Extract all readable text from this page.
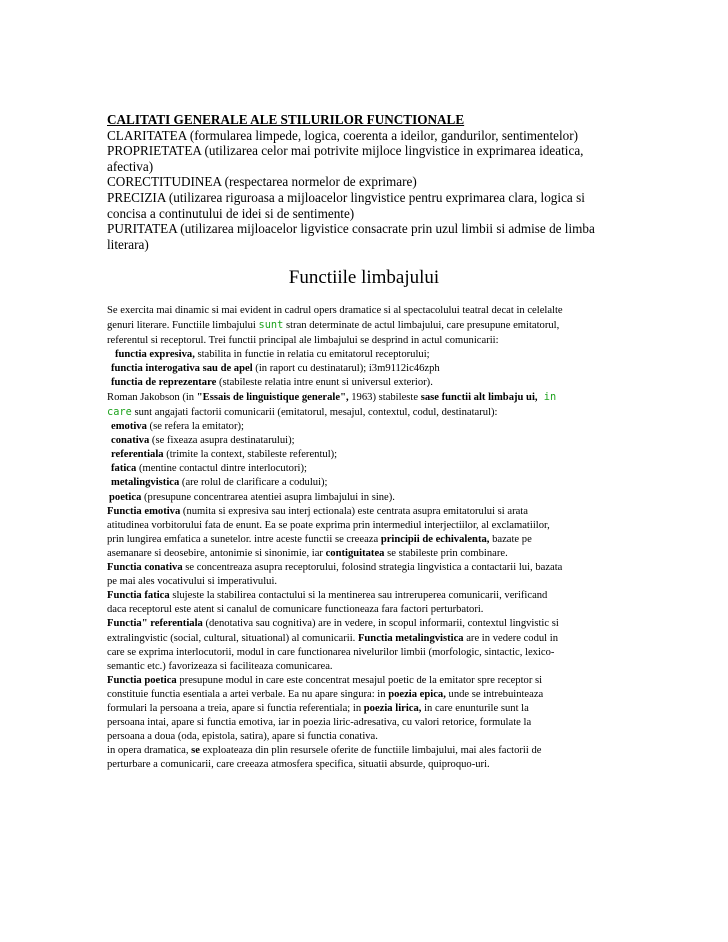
CALITATI GENERALE ALE STILURILOR FUNCTIONALE

CLARITATEA (formularea limpede, logica, coerenta a ideilor, gandurilor, sentimentelor)

PROPRIETATEA (utilizarea celor mai potrivite mijloce lingvistice in exprimarea ideatica,

afectiva)

CORECTITUDINEA (respectarea normelor de exprimare)

PRECIZIA (utilizarea riguroasa a mijloacelor lingvistice pentru exprimarea clara, logica si

concisa a continutului de idei si de sentimente)

PURITATEA (utilizarea mijloacelor ligvistice consacrate prin uzul limbii si admise de limba

literara)

Functiile limbajului

Se exercita mai dinamic si mai evident in cadrul opers dramatice si al spectacolului teatral decat in celelalte

genuri literare. Functiile limbajului sunt stran determinate de actul limbajului, care presupune emitatorul,

referentul si receptorul. Trei functii principal ale limbajului se desprind in actul comunicarii:

functia expresiva, stabilita in functie in relatia cu emitatorul receptorului;

functia interogativa sau de apel (in raport cu destinatarul); i3m9112ic46zph

functia de reprezentare (stabileste relatia intre enunt si universul exterior).

Roman Jakobson (in "Essais de linguistique generale", 1963) stabileste sase functii alt limbaju ui, in

care sunt angajati factorii comunicarii (emitatorul, mesajul, contextul, codul, destinatarul):

emotiva (se refera la emitator);

conativa (se fixeaza asupra destinatarului);

referentiala (trimite la context, stabileste referentul);

fatica (mentine contactul dintre interlocutori);

metalingvistica (are rolul de clarificare a codului);

poetica (presupune concentrarea atentiei asupra limbajului in sine).

Functia emotiva (numita si expresiva sau interj ectionala) este centrata asupra emitatorului si arata

atitudinea vorbitorului fata de enunt. Ea se poate exprima prin intermediul interjectiilor, al exclamatiilor,

prin lungirea emfatica a sunetelor. intre aceste functii se creeaza principii de echivalenta, bazate pe

asemanare si deosebire, antonimie si sinonimie, iar contiguitatea se stabileste prin combinare.

Functia conativa se concentreaza asupra receptorului, folosind strategia lingvistica a contactarii lui, bazata

pe mai ales vocativului si imperativului.

Functia fatica slujeste la stabilirea contactului si la mentinerea sau intreruperea comunicarii, verificand

daca receptorul este atent si canalul de comunicare functioneaza fara factori perturbatori.

Functia" referentiala (denotativa sau cognitiva) are in vedere, in scopul informarii, contextul lingvistic si

extralingvistic (social, cultural, situational) al comunicarii. Functia metalingvistica are in vedere codul in

care se exprima interlocutorii, modul in care functionarea nivelurilor limbii (morfologic, sintactic, lexico-

semantic etc.) favorizeaza si faciliteaza comunicarea.

Functia poetica presupune modul in care este concentrat mesajul poetic de la emitator spre receptor si

constituie functia esentiala a artei verbale. Ea nu apare singura: in poezia epica, unde se intrebuinteaza

formulari la persoana a treia, apare si functia referentiala; in poezia lirica, in care enunturile sunt la

persoana intai, apare si functia emotiva, iar in poezia liric-adresativa, cu valori retorice, formulate la

persoana a doua (oda, epistola, satira), apare si functia conativa.

in opera dramatica, se exploateaza din plin resursele oferite de functiile limbajului, mai ales factorii de

perturbare a comunicarii, care creeaza atmosfera specifica, situatii absurde, quiproquo-uri.
